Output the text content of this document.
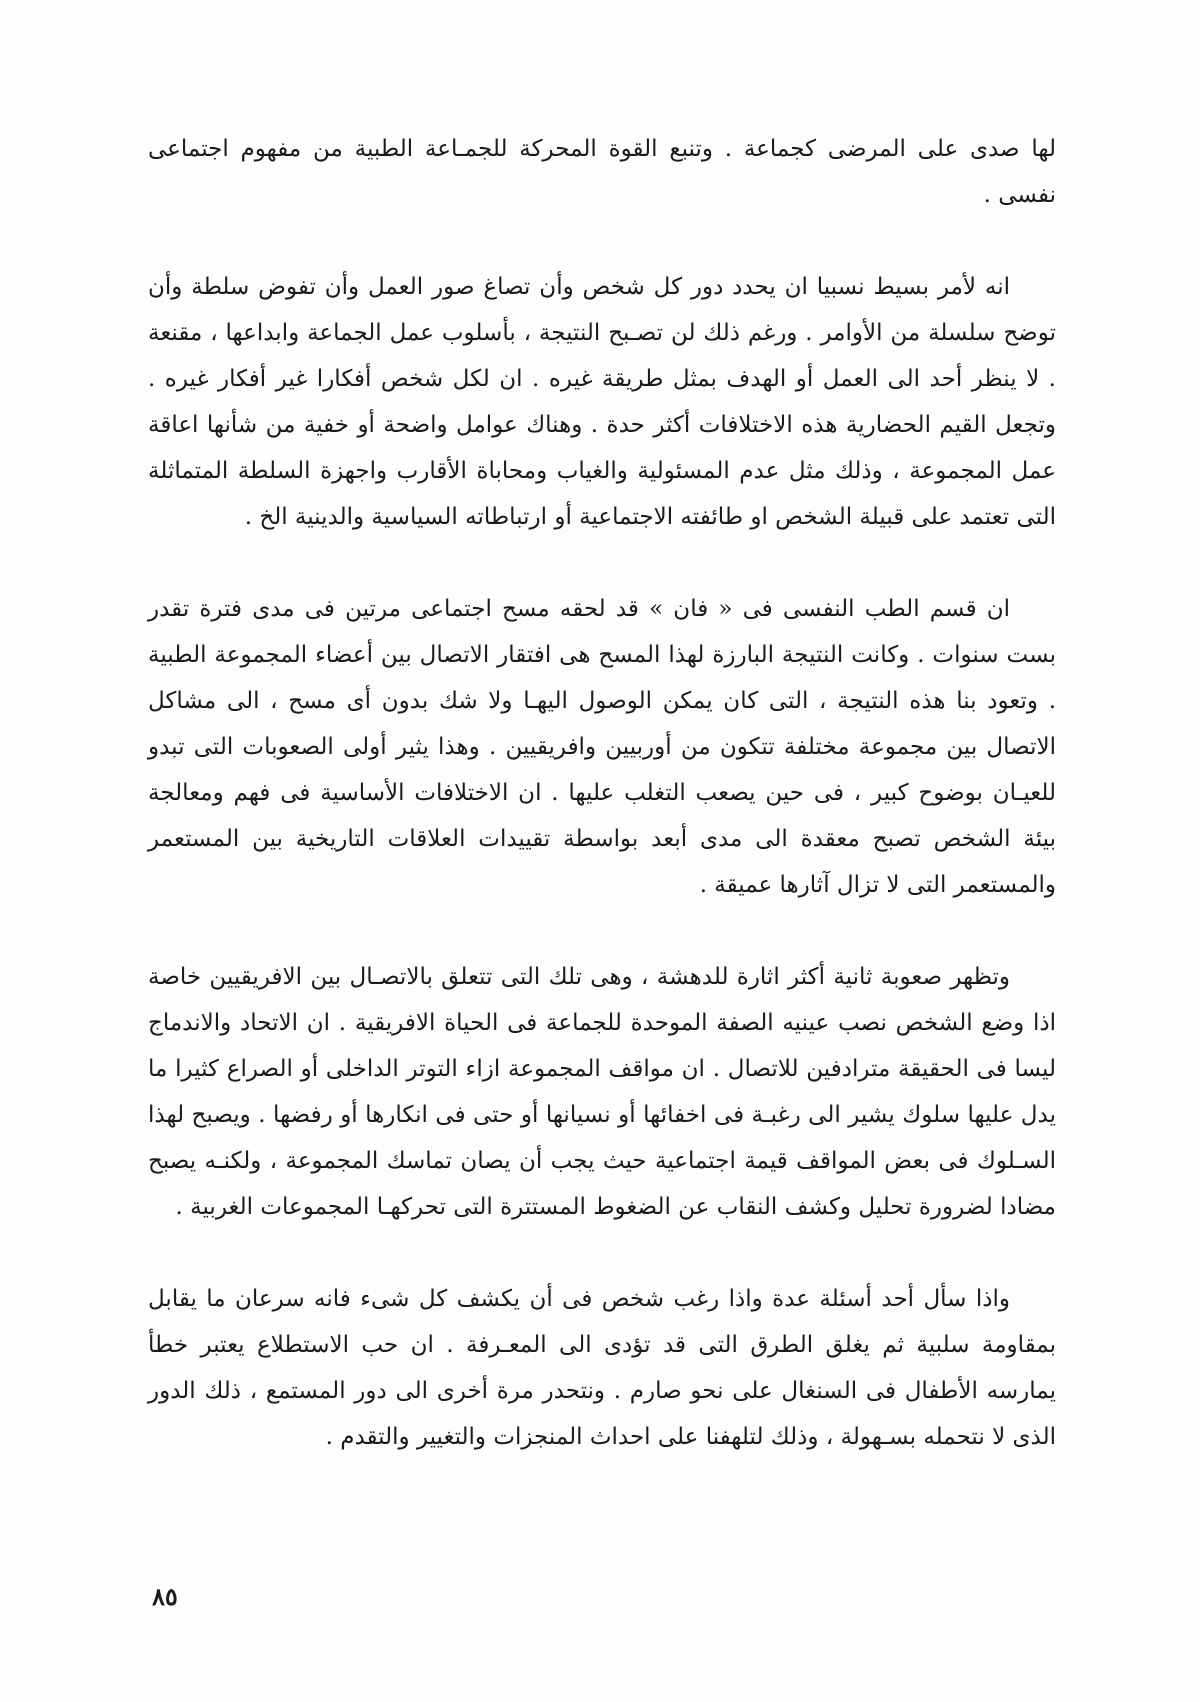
لها صدى على المرضى كجماعة . وتنبع القوة المحركة للجمـاعة الطبية من مفهوم اجتماعى نفسى .

انه لأمر بسيط نسبيا ان يحدد دور كل شخص وأن تصاغ صور العمل وأن تفوض سلطة وأن توضح سلسلة من الأوامر . ورغم ذلك لن تصـبح النتيجة ، بأسلوب عمل الجماعة وابداعها ، مقنعة . لا ينظر أحد الى العمل أو الهدف بمثل طريقة غيره . ان لكل شخص أفكارا غير أفكار غيره . وتجعل القيم الحضارية هذه الاختلافات أكثر حدة . وهناك عوامل واضحة أو خفية من شأنها اعاقة عمل المجموعة ، وذلك مثل عدم المسئولية والغياب ومحاباة الأقارب واجهزة السلطة المتماثلة التى تعتمد على قبيلة الشخص او طائفته الاجتماعية أو ارتباطاته السياسية والدينية الخ .

ان قسم الطب النفسى فى « فان » قد لحقه مسح اجتماعى مرتين فى مدى فترة تقدر بست سنوات . وكانت النتيجة البارزة لهذا المسح هى افتقار الاتصال بين أعضاء المجموعة الطبية . وتعود بنا هذه النتيجة ، التى كان يمكن الوصول اليهـا ولا شك بدون أى مسح ، الى مشاكل الاتصال بين مجموعة مختلفة تتكون من أوربيين وافريقيين . وهذا يثير أولى الصعوبات التى تبدو للعيـان بوضوح كبير ، فى حين يصعب التغلب عليها . ان الاختلافات الأساسية فى فهم ومعالجة بيئة الشخص تصبح معقدة الى مدى أبعد بواسطة تقييدات العلاقات التاريخية بين المستعمر والمستعمر التى لا تزال آثارها عميقة .

وتظهر صعوبة ثانية أكثر اثارة للدهشة ، وهى تلك التى تتعلق بالاتصـال بين الافريقيين خاصة اذا وضع الشخص نصب عينيه الصفة الموحدة للجماعة فى الحياة الافريقية . ان الاتحاد والاندماج ليسا فى الحقيقة مترادفين للاتصال . ان مواقف المجموعة ازاء التوتر الداخلى أو الصراع كثيرا ما يدل عليها سلوك يشير الى رغبـة فى اخفائها أو نسيانها أو حتى فى انكارها أو رفضها . ويصبح لهذا السـلوك فى بعض المواقف قيمة اجتماعية حيث يجب أن يصان تماسك المجموعة ، ولكنـه يصبح مضادا لضرورة تحليل وكشف النقاب عن الضغوط المستترة التى تحركهـا المجموعات الغربية .

واذا سأل أحد أسئلة عدة واذا رغب شخص فى أن يكشف كل شىء فانه سرعان ما يقابل بمقاومة سلبية ثم يغلق الطرق التى قد تؤدى الى المعـرفة . ان حب الاستطلاع يعتبر خطأ يمارسه الأطفال فى السنغال على نحو صارم . ونتحدر مرة أخرى الى دور المستمع ، ذلك الدور الذى لا نتحمله بسـهولة ، وذلك لتلهفنا على احداث المنجزات والتغيير والتقدم .

٨٥
